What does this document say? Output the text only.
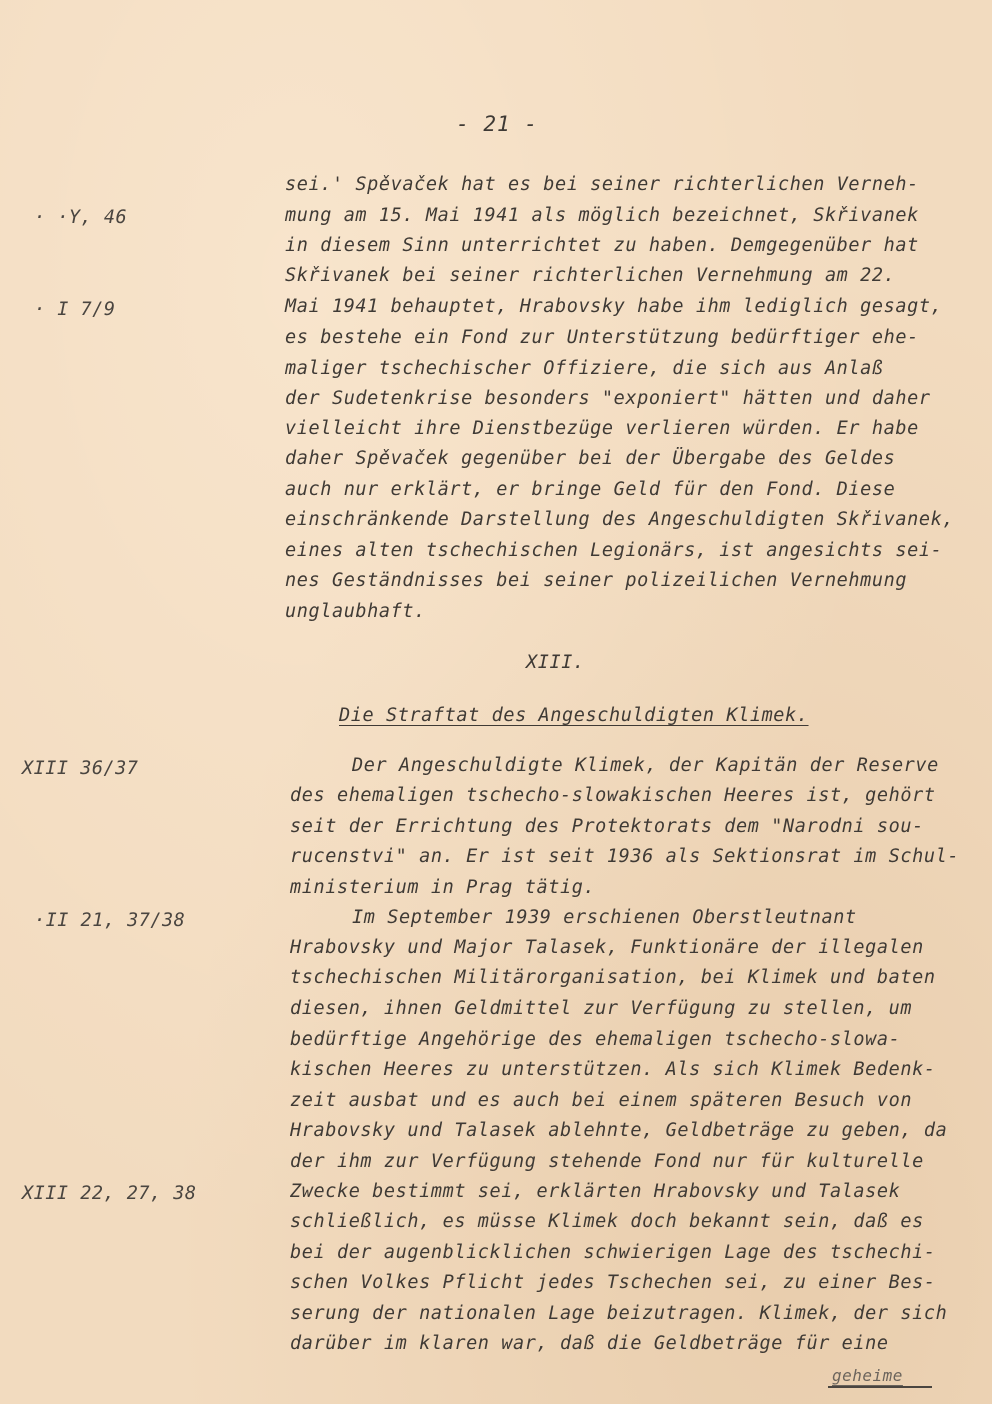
- 21 -
· ·Y, 46
· I 7/9
XIII 36/37
·II 21, 37/38
XIII 22, 27, 38
sei.' Spěvaček hat es bei seiner richterlichen Verneh-
mung am 15. Mai 1941 als möglich bezeichnet, Skřivanek
in diesem Sinn unterrichtet zu haben. Demgegenüber hat
Skřivanek bei seiner richterlichen Vernehmung am 22.
Mai 1941 behauptet, Hrabovsky habe ihm lediglich gesagt,
es bestehe ein Fond zur Unterstützung bedürftiger ehe-
maliger tschechischer Offiziere, die sich aus Anlaß
der Sudetenkrise besonders "exponiert" hätten und daher
vielleicht ihre Dienstbezüge verlieren würden. Er habe
daher Spěvaček gegenüber bei der Übergabe des Geldes
auch nur erklärt, er bringe Geld für den Fond. Diese
einschränkende Darstellung des Angeschuldigten Skřivanek,
eines alten tschechischen Legionärs, ist angesichts sei-
nes Geständnisses bei seiner polizeilichen Vernehmung
unglaubhaft.
XIII.
Die Straftat des Angeschuldigten Klimek.
Der Angeschuldigte Klimek, der Kapitän der Reserve
des ehemaligen tschecho-slowakischen Heeres ist, gehört
seit der Errichtung des Protektorats dem "Narodni sou-
rucenstvi" an. Er ist seit 1936 als Sektionsrat im Schul-
ministerium in Prag tätig.
Im September 1939 erschienen Oberstleutnant
Hrabovsky und Major Talasek, Funktionäre der illegalen
tschechischen Militärorganisation, bei Klimek und baten
diesen, ihnen Geldmittel zur Verfügung zu stellen, um
bedürftige Angehörige des ehemaligen tschecho-slowa-
kischen Heeres zu unterstützen. Als sich Klimek Bedenk-
zeit ausbat und es auch bei einem späteren Besuch von
Hrabovsky und Talasek ablehnte, Geldbeträge zu geben, da
der ihm zur Verfügung stehende Fond nur für kulturelle
Zwecke bestimmt sei, erklärten Hrabovsky und Talasek
schließlich, es müsse Klimek doch bekannt sein, daß es
bei der augenblicklichen schwierigen Lage des tschechi-
schen Volkes Pflicht jedes Tschechen sei, zu einer Bes-
serung der nationalen Lage beizutragen. Klimek, der sich
darüber im klaren war, daß die Geldbeträge für eine
geheime
